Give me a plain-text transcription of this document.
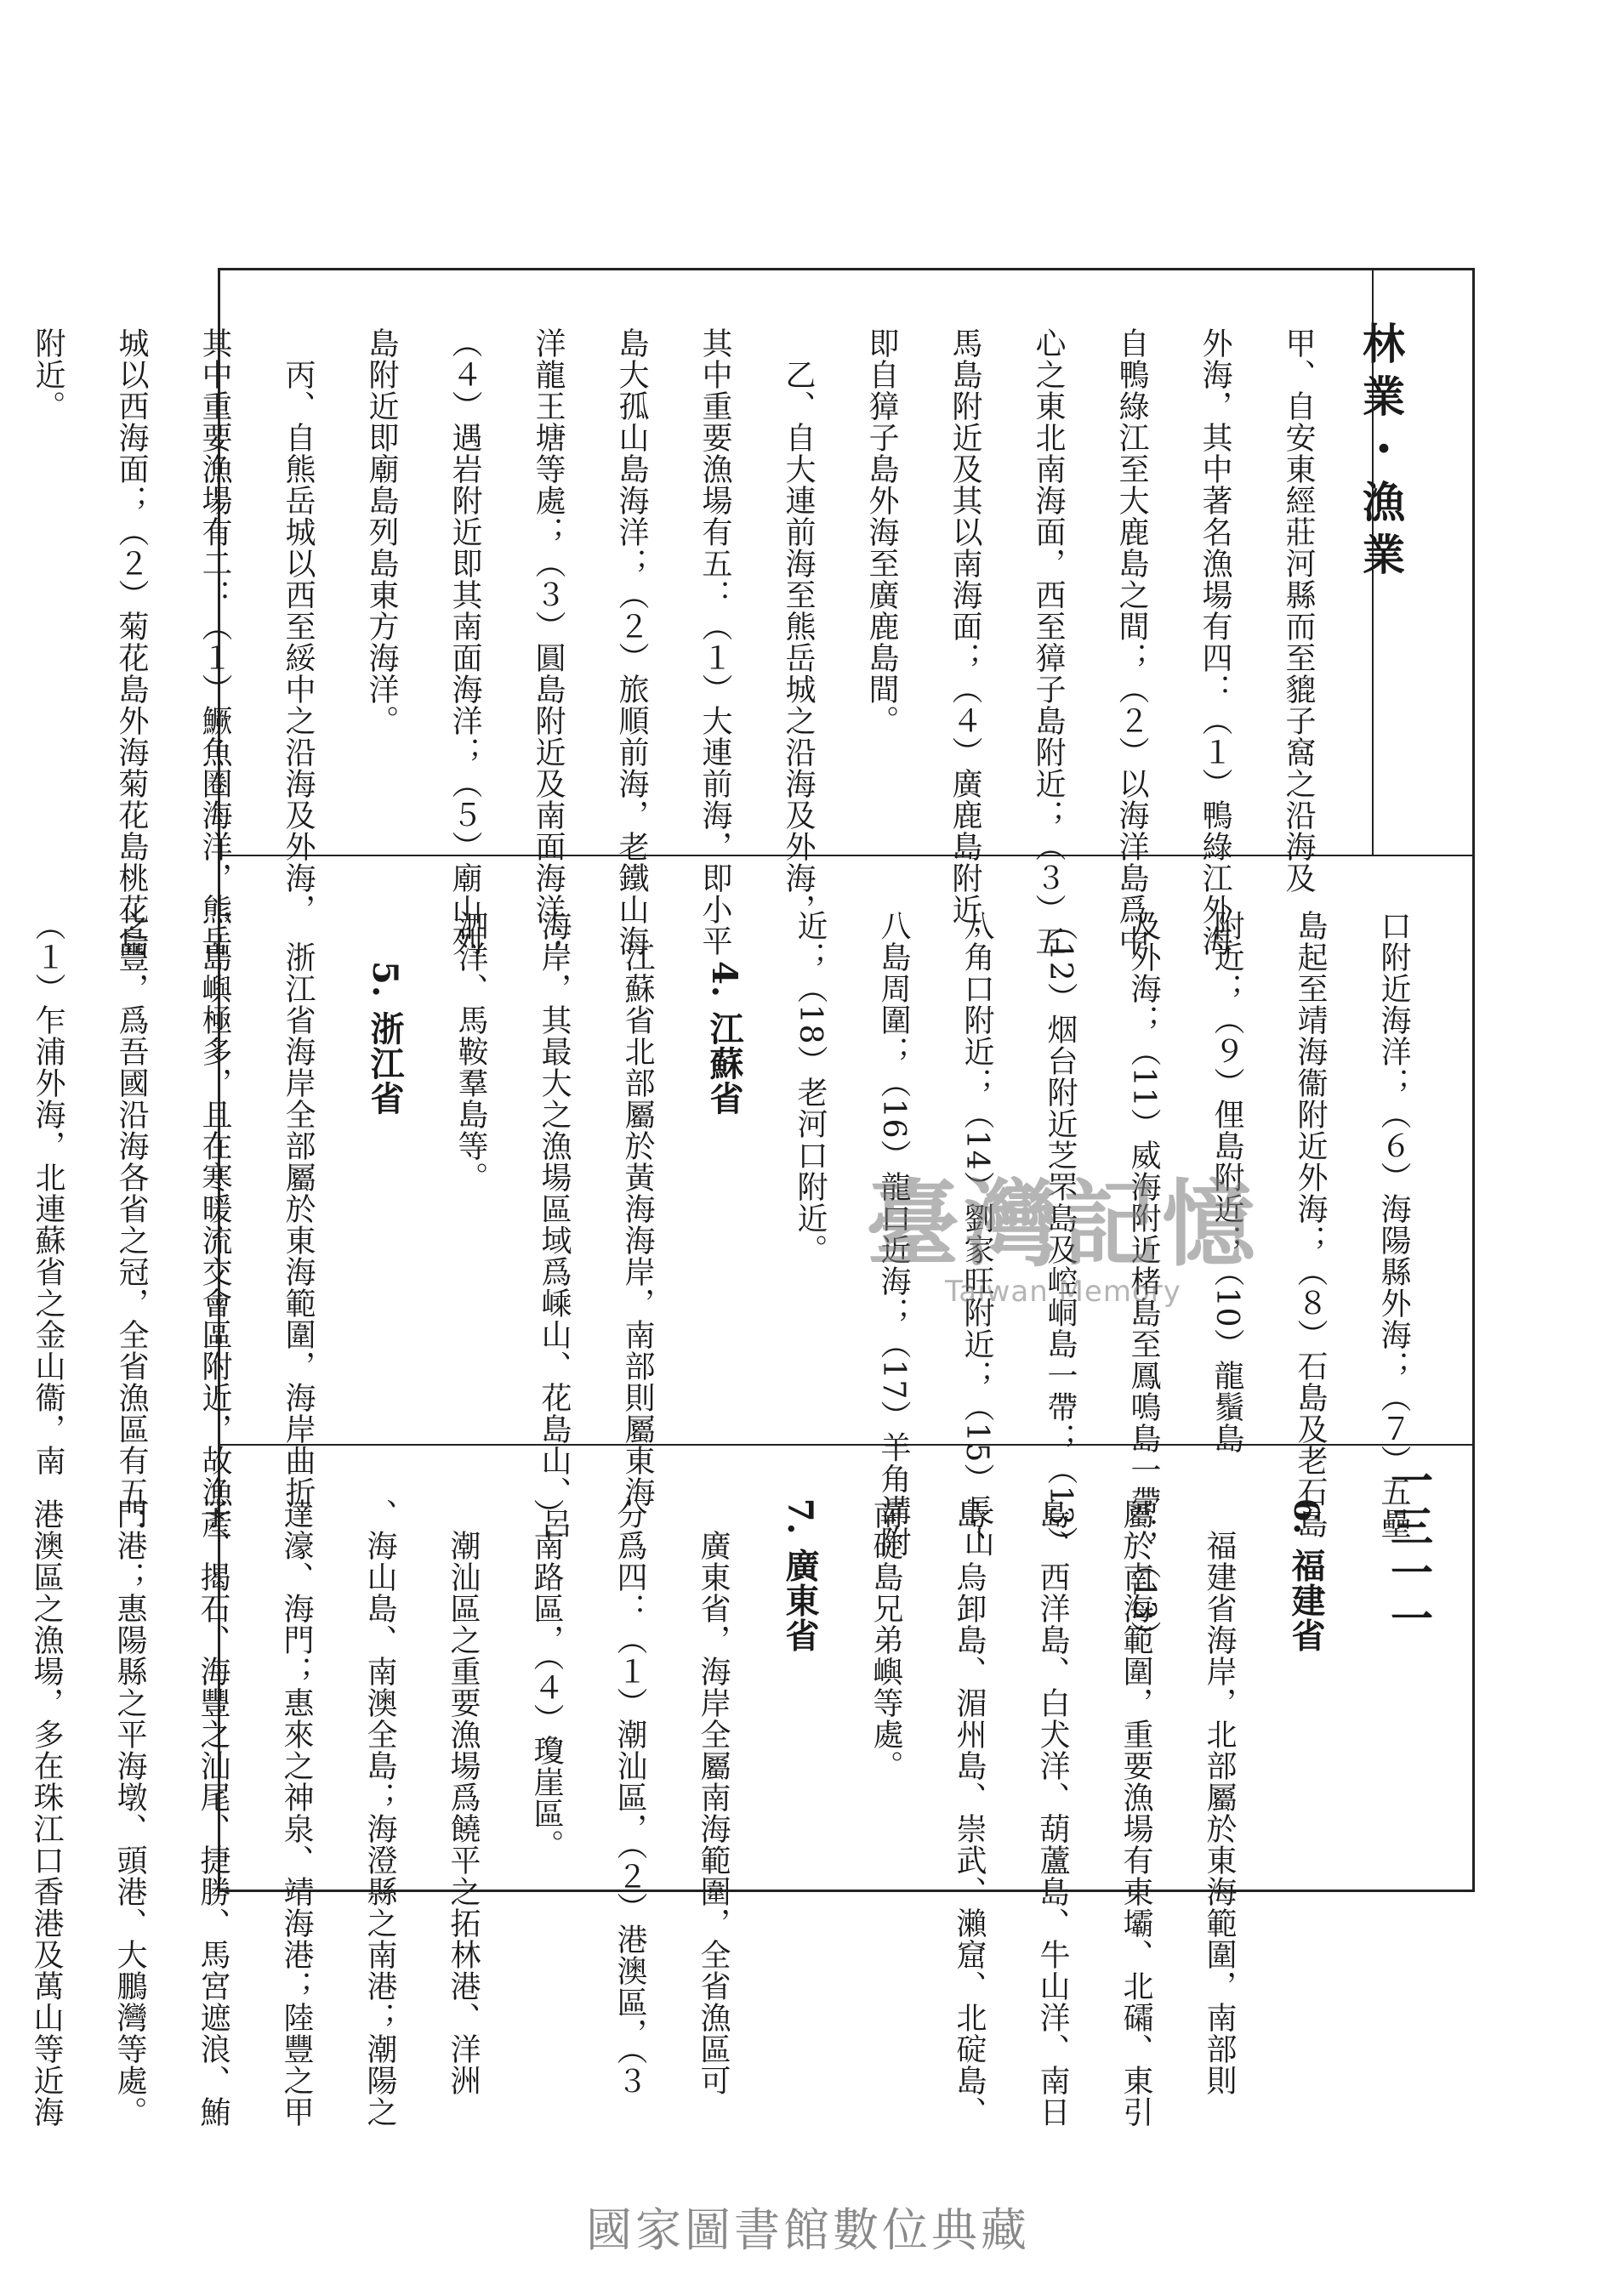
林業・漁業
一三一一

甲、自安東經莊河縣而至貔子窩之沿海及

外海，其中著名漁場有四：（１）鴨綠江外海

自鴨綠江至大鹿島之間；（２）以海洋島爲中

心之東北南海面，西至獐子島附近；（３）五

馬島附近及其以南海面；（４）廣鹿島附近，

即自獐子島外海至廣鹿島間。

　乙、自大連前海至熊岳城之沿海及外海，

其中重要漁場有五：（１）大連前海，即小平

島大孤山島海洋；（２）旅順前海，老鐵山海

洋龍王塘等處；（３）圓島附近及南面海洋；

（４）遇岩附近即其南面海洋；（５）廟山列

島附近即廟島列島東方海洋。

　丙、自熊岳城以西至綏中之沿海及外海，

其中重要漁場有二：（１）鱖魚圈海洋，熊岳

城以西海面；（２）菊花島外海菊花島桃花島

附近。

口附近海洋；（６）海陽縣外海；（７）五壘

島起至靖海衞附近外海；（８）石島及老石島

附近；（９）俚島附近；（10）龍鬚島

及外海；（11）威海附近楮島至鳳鳴島一帶；（13）

（12）烟台附近芝罘島及崆峒島一帶；（13）

八角口附近；（14）劉家旺附近；（15）長山

八島周圍；（16）龍口近海；（17）羊角溝附

近；（18）老河口附近。

4. 江蘇省

　江蘇省北部屬於黃海海岸，南部則屬東海

海岸，其最大之漁場區域爲嵊山、花島山、呂

泗洋、馬鞍羣島等。

5. 浙江省

　浙江省海岸全部屬於東海範圍，海岸曲折

，島嶼極多，且在寒暖流交會區附近，故漁產

之豐，爲吾國沿海各省之冠，全省漁區有五：

（１）乍浦外海，北連蘇省之金山衞，南

	臺灣記憶
Taiwan Memory

6. 福建省

　福建省海岸，北部屬於東海範圍，南部則

屬於南海範圍，重要漁場有東壩、北礵、東引

島、西洋島、白犬洋、葫蘆島、牛山洋、南日

島、烏卸島、湄州島、崇武、瀨窟、北碇島、

南碇島兄弟嶼等處。

7. 廣東省

　廣東省，海岸全屬南海範圍，全省漁區可

分爲四：（１）潮汕區，（２）港澳區，（３

）南路區，（４）瓊崖區。

　潮汕區之重要漁場爲饒平之拓林港、洋洲

、海山島、南澳全島；海澄縣之南港；潮陽之

達濠、海門；惠來之神泉、靖海港；陸豐之甲

子、揭石、海豐之汕尾、捷勝、馬宮遮浪、鮪

門港；惠陽縣之平海墩、頭港、大鵬灣等處。

港澳區之漁場，多在珠江口香港及萬山等近海

國家圖書館數位典藏
